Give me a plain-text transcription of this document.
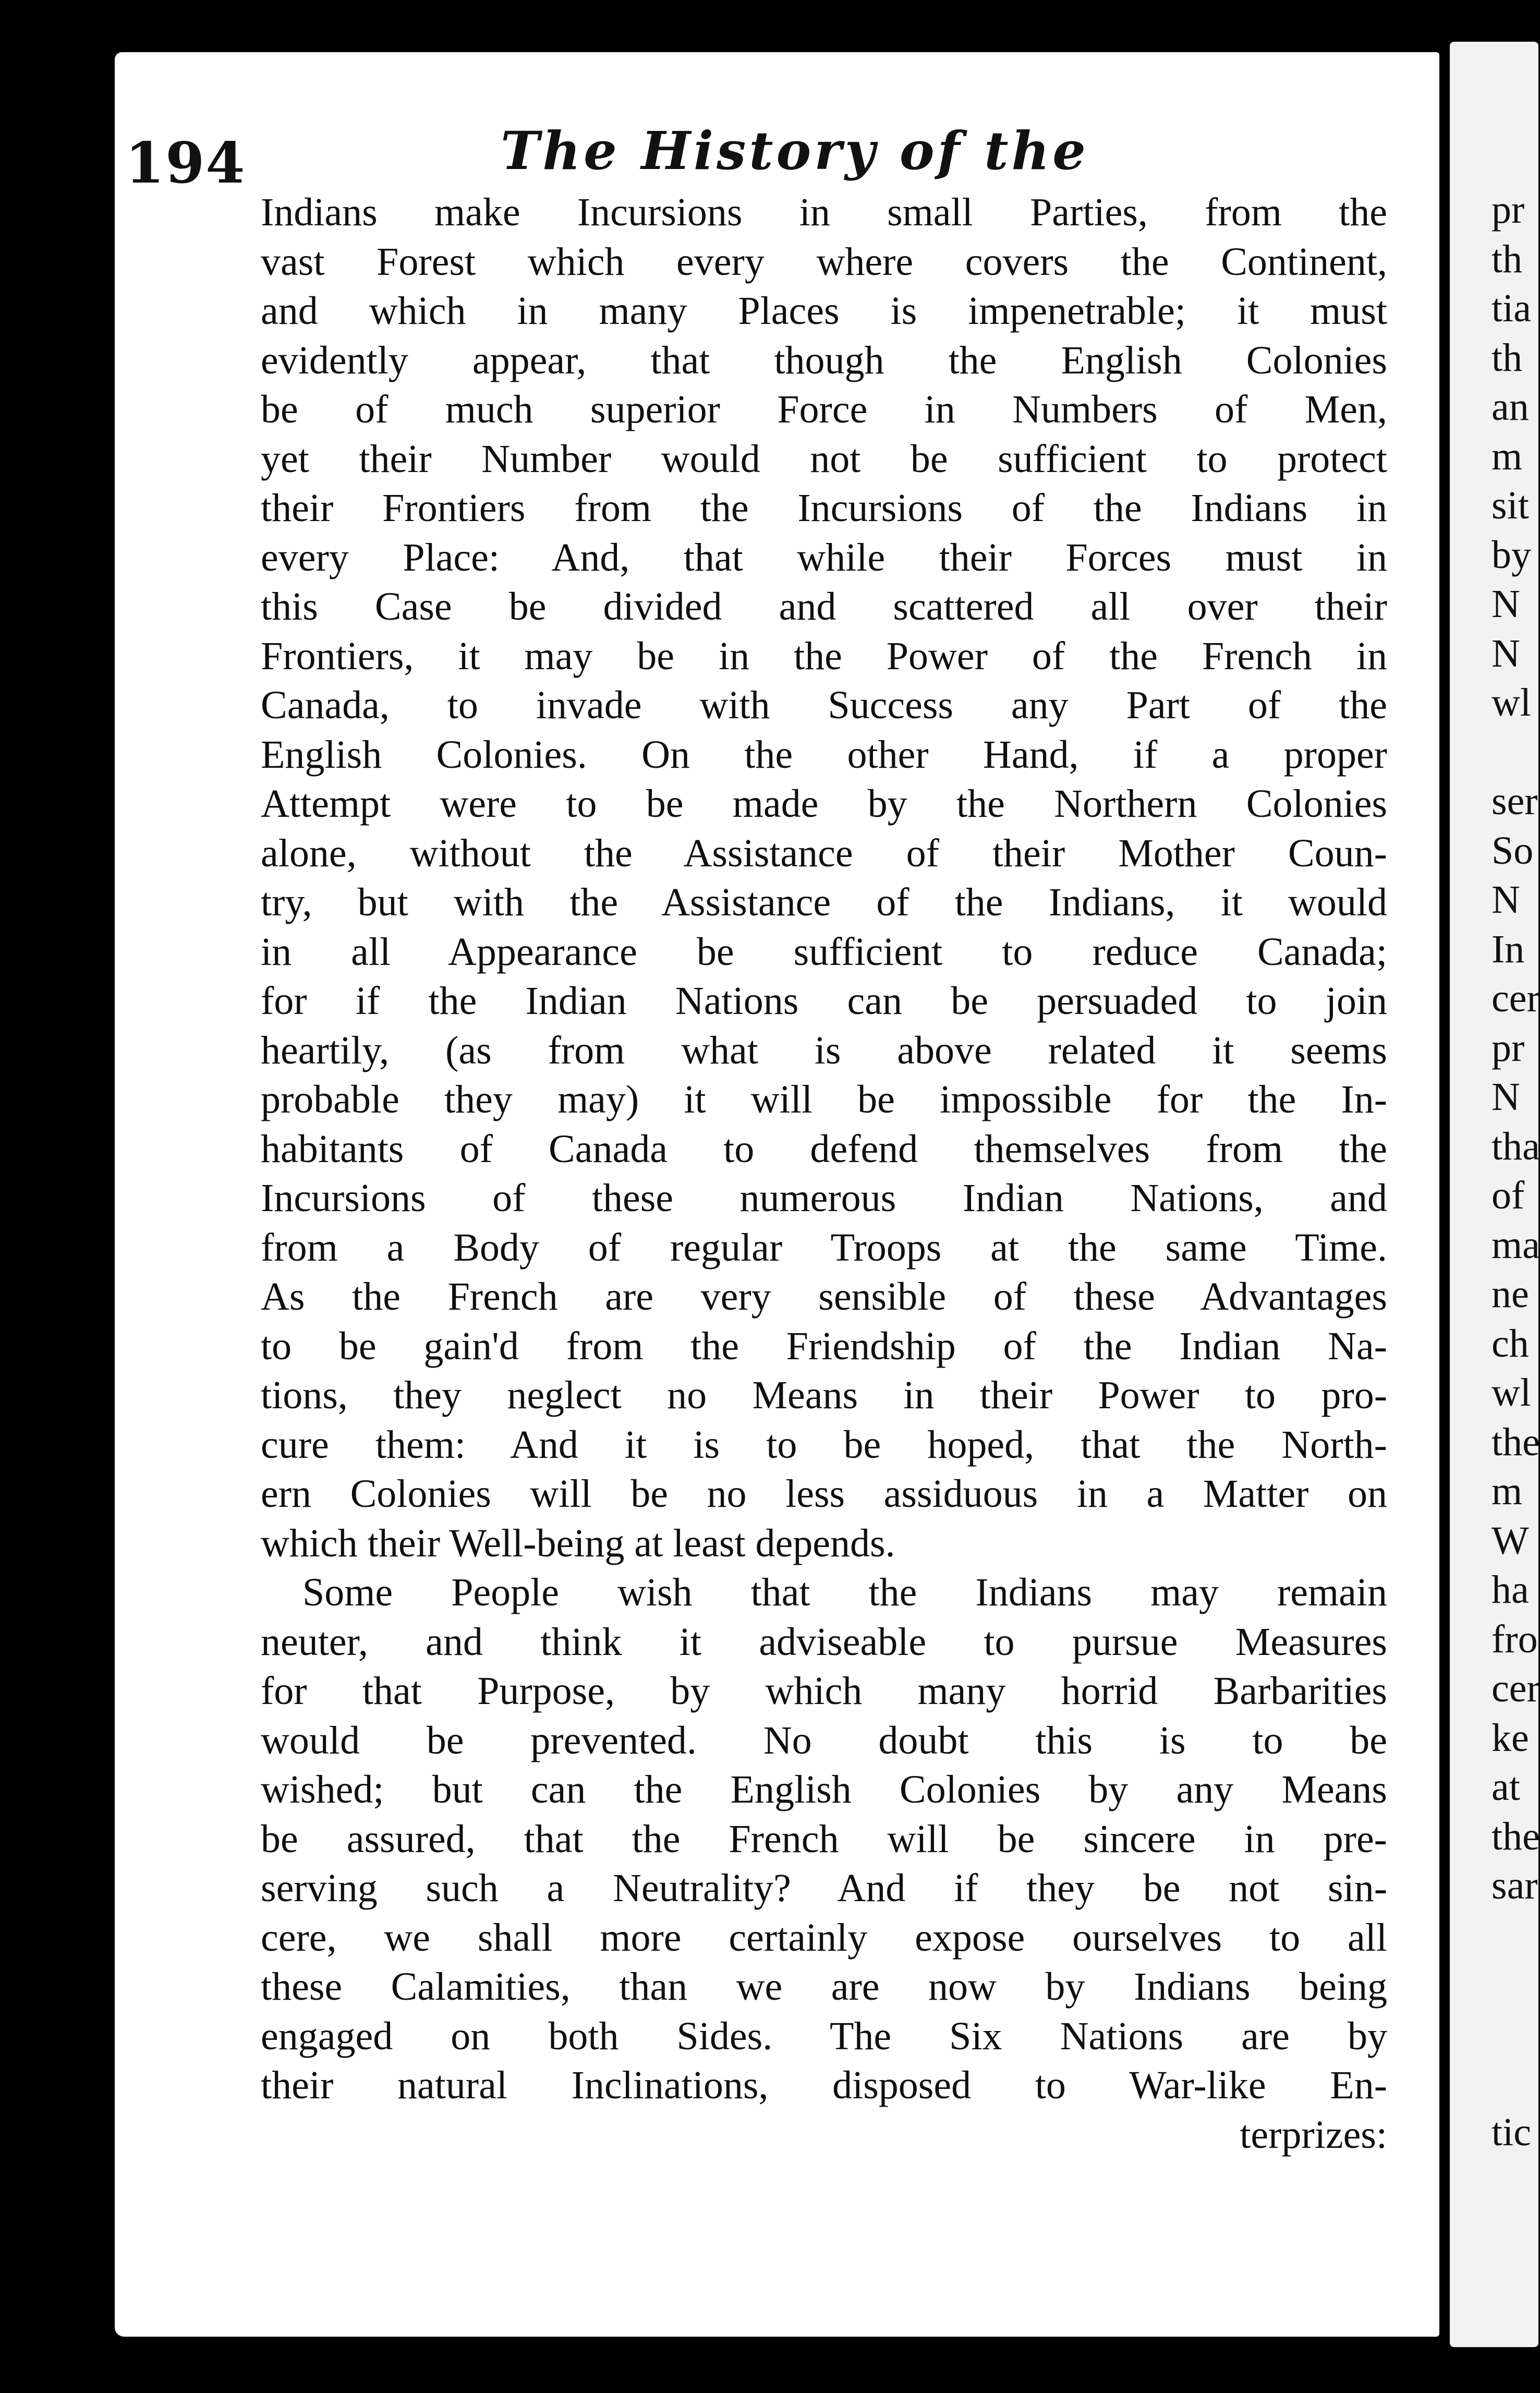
194	The History of the
Indians make Incursions in small Parties, from the
vast Forest which every where covers the Continent,
and which in many Places is impenetrable; it must
evidently appear, that though the English Colonies
be of much superior Force in Numbers of Men,
yet their Number would not be sufficient to protect
their Frontiers from the Incursions of the Indians in
every Place: And, that while their Forces must in
this Case be divided and scattered all over their
Frontiers, it may be in the Power of the French in
Canada, to invade with Success any Part of the
English Colonies. On the other Hand, if a proper
Attempt were to be made by the Northern Colonies
alone, without the Assistance of their Mother Coun-
try, but with the Assistance of the Indians, it would
in all Appearance be sufficient to reduce Canada;
for if the Indian Nations can be persuaded to join
heartily, (as from what is above related it seems
probable they may) it will be impossible for the In-
habitants of Canada to defend themselves from the
Incursions of these numerous Indian Nations, and
from a Body of regular Troops at the same Time.
As the French are very sensible of these Advantages
to be gain'd from the Friendship of the Indian Na-
tions, they neglect no Means in their Power to pro-
cure them: And it is to be hoped, that the North-
ern Colonies will be no less assiduous in a Matter on
which their Well-being at least depends.
Some People wish that the Indians may remain
neuter, and think it adviseable to pursue Measures
for that Purpose, by which many horrid Barbarities
would be prevented. No doubt this is to be
wished; but can the English Colonies by any Means
be assured, that the French will be sincere in pre-
serving such a Neutrality? And if they be not sin-
cere, we shall more certainly expose ourselves to all
these Calamities, than we are now by Indians being
engaged on both Sides. The Six Nations are by
their natural Inclinations, disposed to War-like En-
terprizes:
pr
th
tia
th
an
m
sit
by
N
N
wl
ser
So
N
In
cer
pr
N
tha
of
ma
ne
ch
wl
the
m
W
ha
fro
cer
ke
at
the
sar
tic
